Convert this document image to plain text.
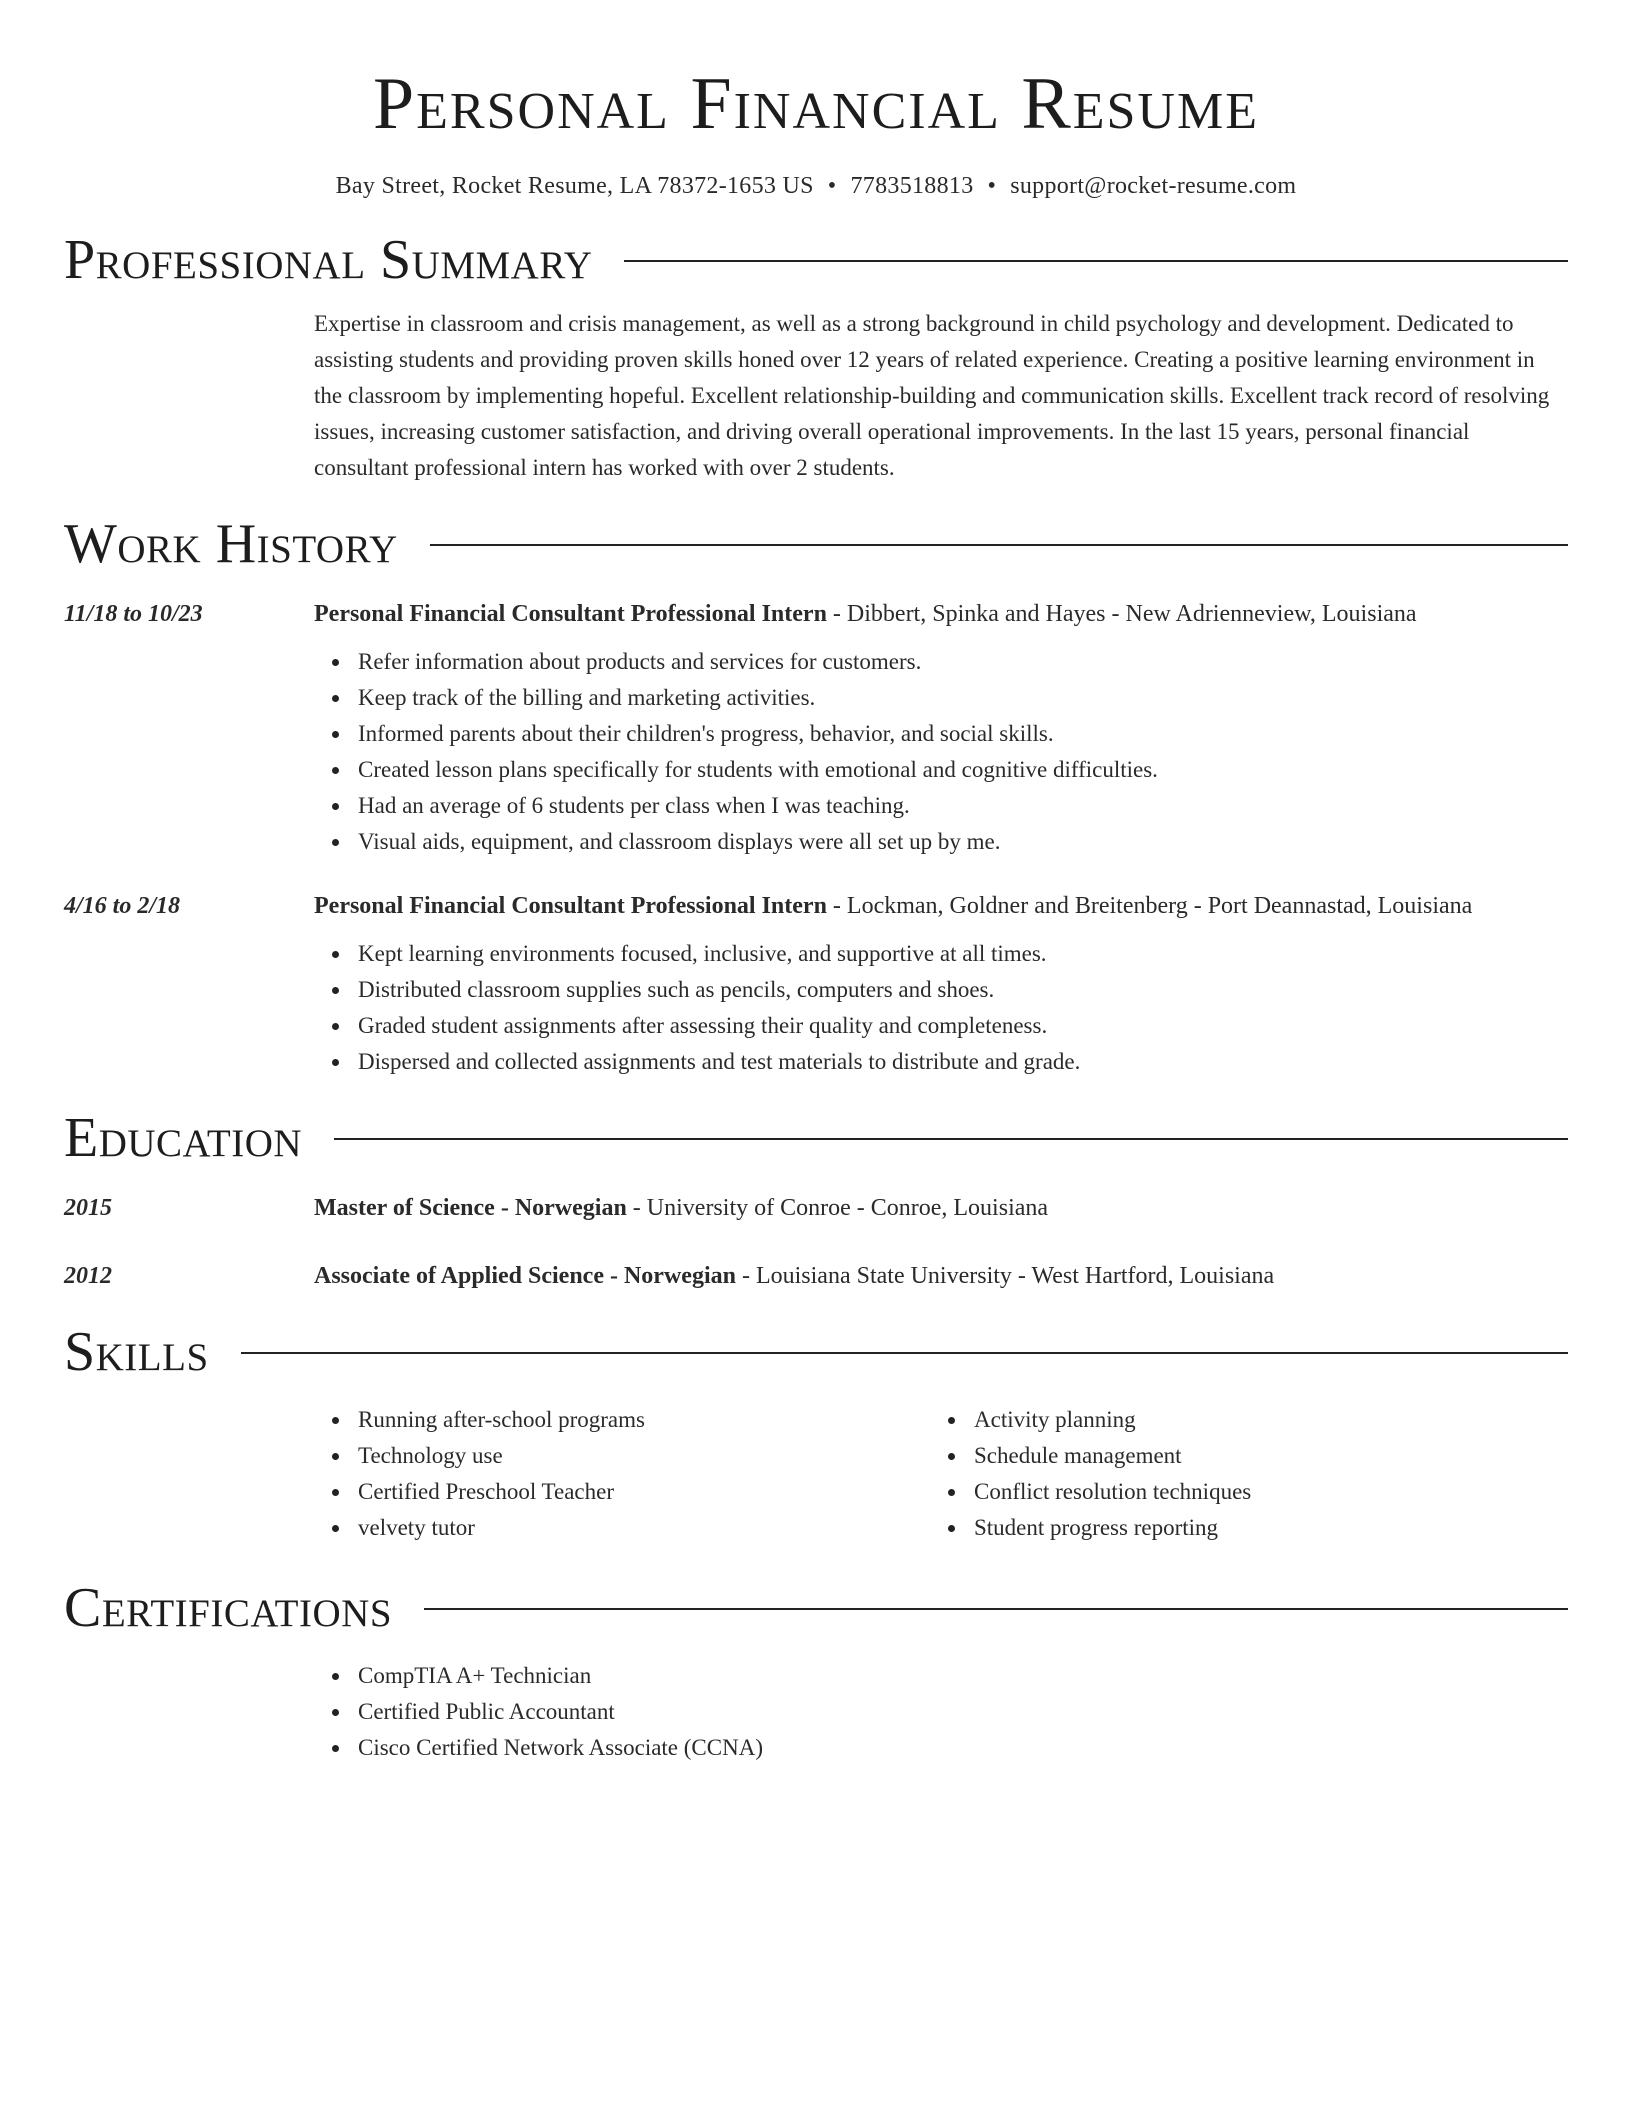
Personal Financial Resume
Bay Street, Rocket Resume, LA 78372-1653 US • 7783518813 • support@rocket-resume.com
Professional Summary

Expertise in classroom and crisis management, as well as a strong background in child psychology and development. Dedicated to assisting students and providing proven skills honed over 12 years of related experience. Creating a positive learning environment in the classroom by implementing hopeful. Excellent relationship-building and communication skills. Excellent track record of resolving issues, increasing customer satisfaction, and driving overall operational improvements. In the last 15 years, personal financial consultant professional intern has worked with over 2 students.

Work History
11/18 to 10/23	Personal Financial Consultant Professional Intern - Dibbert, Spinka and Hayes - New Adrienneview, Louisiana
Refer information about products and services for customers.
Keep track of the billing and marketing activities.
Informed parents about their children's progress, behavior, and social skills.
Created lesson plans specifically for students with emotional and cognitive difficulties.
Had an average of 6 students per class when I was teaching.
Visual aids, equipment, and classroom displays were all set up by me.
4/16 to 2/18	Personal Financial Consultant Professional Intern - Lockman, Goldner and Breitenberg - Port Deannastad, Louisiana
Kept learning environments focused, inclusive, and supportive at all times.
Distributed classroom supplies such as pencils, computers and shoes.
Graded student assignments after assessing their quality and completeness.
Dispersed and collected assignments and test materials to distribute and grade.
Education
2015	Master of Science - Norwegian - University of Conroe - Conroe, Louisiana
2012	Associate of Applied Science - Norwegian - Louisiana State University - West Hartford, Louisiana
Skills
Running after-school programs
Technology use
Certified Preschool Teacher
velvety tutor
Activity planning
Schedule management
Conflict resolution techniques
Student progress reporting
Certifications
CompTIA A+ Technician
Certified Public Accountant
Cisco Certified Network Associate (CCNA)
